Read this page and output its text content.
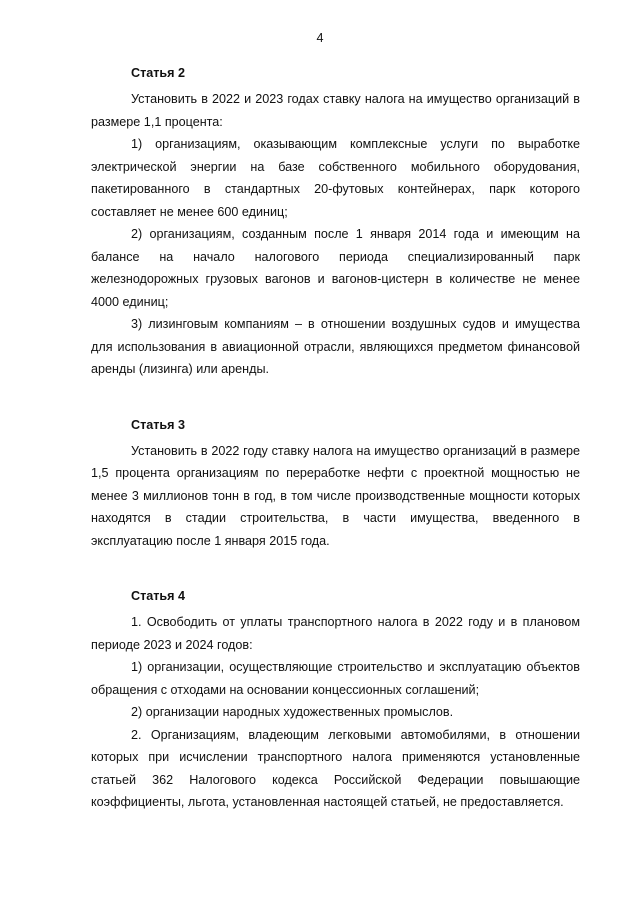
4
Статья 2

Установить в 2022 и 2023 годах ставку налога на имущество организаций в размере 1,1 процента:

1) организациям, оказывающим комплексные услуги по выработке электрической энергии на базе собственного мобильного оборудования, пакетированного в стандартных 20-футовых контейнерах, парк которого составляет не менее 600 единиц;

2) организациям, созданным после 1 января 2014 года и имеющим на балансе на начало налогового периода специализированный парк железнодорожных грузовых вагонов и вагонов-цистерн в количестве не менее 4000 единиц;

3) лизинговым компаниям – в отношении воздушных судов и имущества для использования в авиационной отрасли, являющихся предметом финансовой аренды (лизинга) или аренды.

Статья 3

Установить в 2022 году ставку налога на имущество организаций в размере 1,5 процента организациям по переработке нефти с проектной мощностью не менее 3 миллионов тонн в год, в том числе производственные мощности которых находятся в стадии строительства, в части имущества, введенного в эксплуатацию после 1 января 2015 года.

Статья 4

1. Освободить от уплаты транспортного налога в 2022 году и в плановом периоде 2023 и 2024 годов:

1) организации, осуществляющие строительство и эксплуатацию объектов обращения с отходами на основании концессионных соглашений;

2) организации народных художественных промыслов.

2. Организациям, владеющим легковыми автомобилями, в отношении которых при исчислении транспортного налога применяются установленные статьей 362 Налогового кодекса Российской Федерации повышающие коэффициенты, льгота, установленная настоящей статьей, не предоставляется.
